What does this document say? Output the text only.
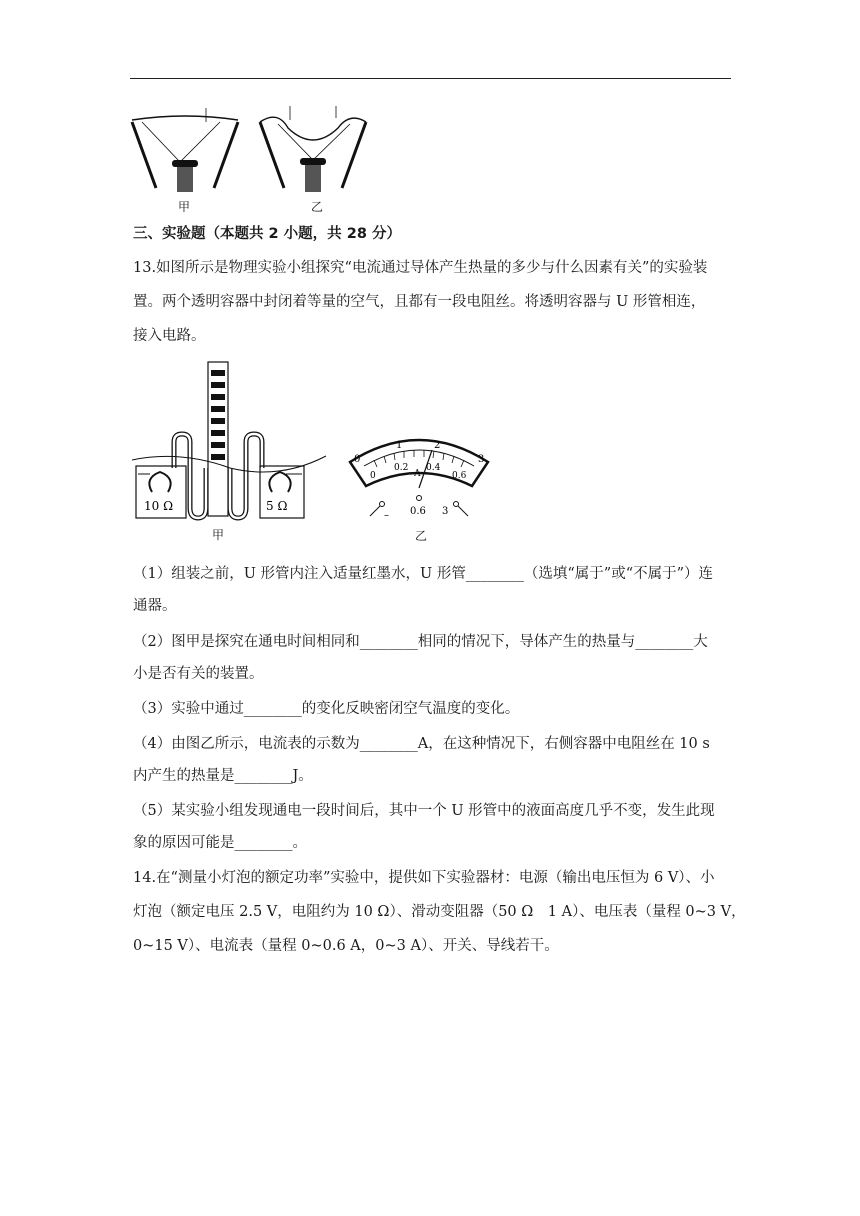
甲	乙
三、实验题（本题共 2 小题，共 28 分）
13.如图所示是物理实验小组探究“电流通过导体产生热量的多少与什么因素有关”的实验装
置。两个透明容器中封闭着等量的空气，且都有一段电阻丝。将透明容器与 U 形管相连，
接入电路。
10 Ω	5 Ω
甲
0
1	2
3
0
0.2 0.4
0.6
A
– 0.6 3
乙
（1）组装之前，U 形管内注入适量红墨水，U 形管________（选填“属于”或“不属于”）连
通器。
（2）图甲是探究在通电时间相同和________相同的情况下，导体产生的热量与________大
小是否有关的装置。
（3）实验中通过________的变化反映密闭空气温度的变化。
（4）由图乙所示，电流表的示数为________A，在这种情况下，右侧容器中电阻丝在 10 s
内产生的热量是________J。
（5）某实验小组发现通电一段时间后，其中一个 U 形管中的液面高度几乎不变，发生此现
象的原因可能是________。
14.在“测量小灯泡的额定功率”实验中，提供如下实验器材：电源（输出电压恒为 6 V）、小
灯泡（额定电压 2.5 V，电阻约为 10 Ω）、滑动变阻器（50 Ω　1 A）、电压表（量程 0~3 V，
0~15 V）、电流表（量程 0~0.6 A，0~3 A）、开关、导线若干。
